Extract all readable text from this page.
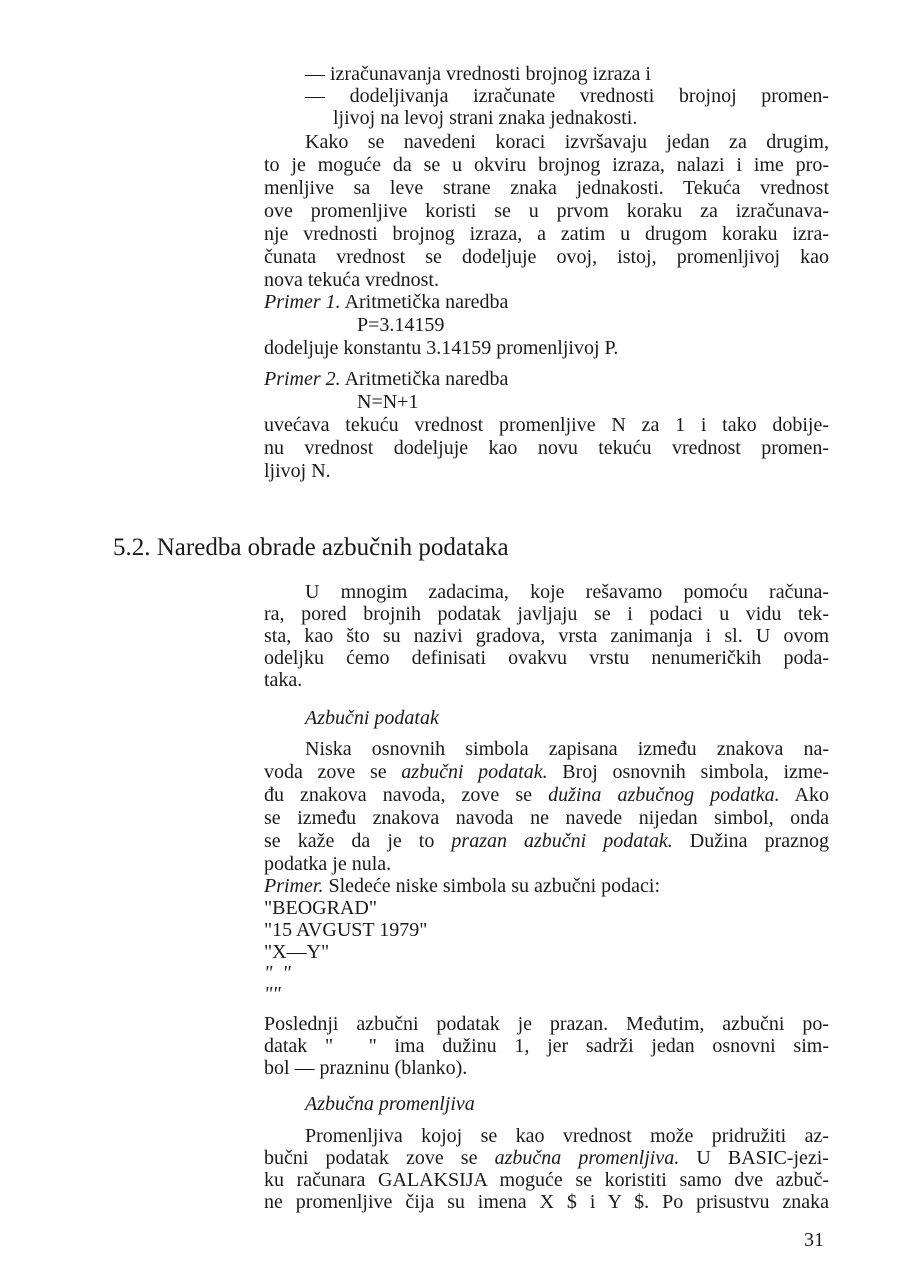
— izračunavanja vrednosti brojnog izraza i
— dodeljivanja izračunate vrednosti brojnoj promen-
ljivoj na levoj strani znaka jednakosti.
Kako se navedeni koraci izvršavaju jedan za drugim,
to je moguće da se u okviru brojnog izraza, nalazi i ime pro-
menljive sa leve strane znaka jednakosti. Tekuća vrednost
ove promenljive koristi se u prvom koraku za izračunava-
nje vrednosti brojnog izraza, a zatim u drugom koraku izra-
čunata vrednost se dodeljuje ovoj, istoj, promenljivoj kao
nova tekuća vrednost.
Primer 1. Aritmetička naredba
P=3.14159
dodeljuje konstantu 3.14159 promenljivoj P.
Primer 2. Aritmetička naredba
N=N+1
uvećava tekuću vrednost promenljive N za 1 i tako dobije-
nu vrednost dodeljuje kao novu tekuću vrednost promen-
ljivoj N.
5.2. Naredba obrade azbučnih podataka
U mnogim zadacima, koje rešavamo pomoću računa-
ra, pored brojnih podatak javljaju se i podaci u vidu tek-
sta, kao što su nazivi gradova, vrsta zanimanja i sl. U ovom
odeljku ćemo definisati ovakvu vrstu nenumeričkih poda-
taka.
Azbučni podatak
Niska osnovnih simbola zapisana između znakova na-
voda zove se azbučni podatak. Broj osnovnih simbola, izme-
đu znakova navoda, zove se dužina azbučnog podatka. Ako
se između znakova navoda ne navede nijedan simbol, onda
se kaže da je to prazan azbučni podatak. Dužina praznog
podatka je nula.
Primer. Sledeće niske simbola su azbučni podaci:
"BEOGRAD"
"15 AVGUST 1979"
"X—Y"
"  "
""
Poslednji azbučni podatak je prazan. Međutim, azbučni po-
datak "  " ima dužinu 1, jer sadrži jedan osnovni sim-
bol — prazninu (blanko).
Azbučna promenljiva
Promenljiva kojoj se kao vrednost može pridružiti az-
bučni podatak zove se azbučna promenljiva. U BASIC-jezi-
ku računara GALAKSIJA moguće se koristiti samo dve azbuč-
ne promenljive čija su imena X $ i Y $. Po prisustvu znaka
31
